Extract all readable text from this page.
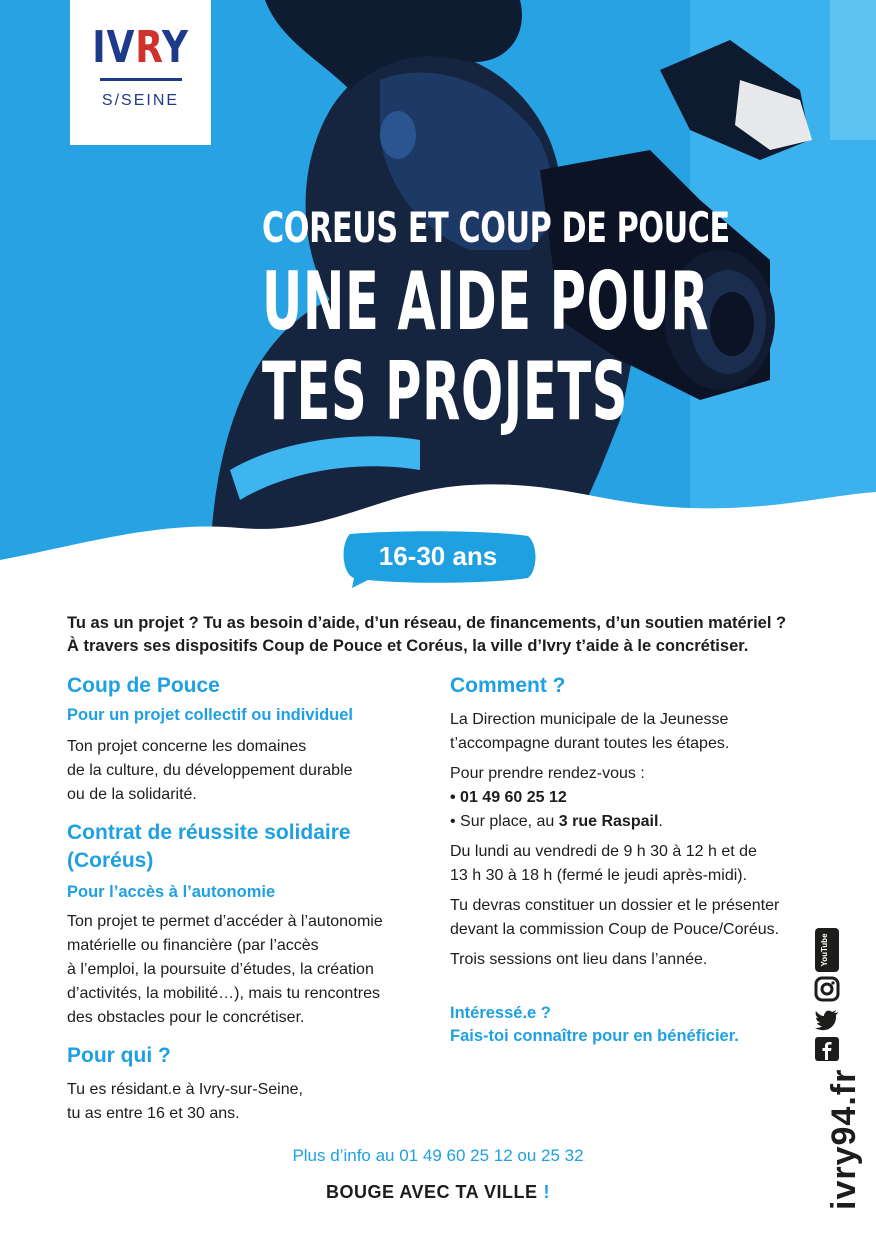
IVRY
S/SEINE
COREUS ET COUP DE POUCE
UNE AIDE POUR
TES PROJETS
16-30 ans

Tu as un projet ? Tu as besoin d’aide, d’un réseau, de financements, d’un soutien matériel ?

À travers ses dispositifs Coup de Pouce et Coréus, la ville d’Ivry t’aide à le concrétiser.

Coup de Pouce

Pour un projet collectif ou individuel

Ton projet concerne les domaines

de la culture, du développement durable

ou de la solidarité.

Contrat de réussite solidaire

(Coréus)

Pour l’accès à l’autonomie

Ton projet te permet d’accéder à l’autonomie

matérielle ou financière (par l’accès

à l’emploi, la poursuite d’études, la création

d’activités, la mobilité…), mais tu rencontres

des obstacles pour le concrétiser.

Pour qui ?

Tu es résidant.e à Ivry-sur-Seine,

tu as entre 16 et 30 ans.

Comment ?

La Direction municipale de la Jeunesse

t’accompagne durant toutes les étapes.

Pour prendre rendez-vous :

• 01 49 60 25 12

• Sur place, au 3 rue Raspail.

Du lundi au vendredi de 9 h 30 à 12 h et de

13 h 30 à 18 h (fermé le jeudi après-midi).

Tu devras constituer un dossier et le présenter

devant la commission Coup de Pouce/Coréus.

Trois sessions ont lieu dans l’année.

Intéressé.e ?

Fais-toi connaître pour en bénéficier.

Plus d’info au 01 49 60 25 12 ou 25 32
BOUGE AVEC TA VILLE !
YouTube
ivry94.fr
